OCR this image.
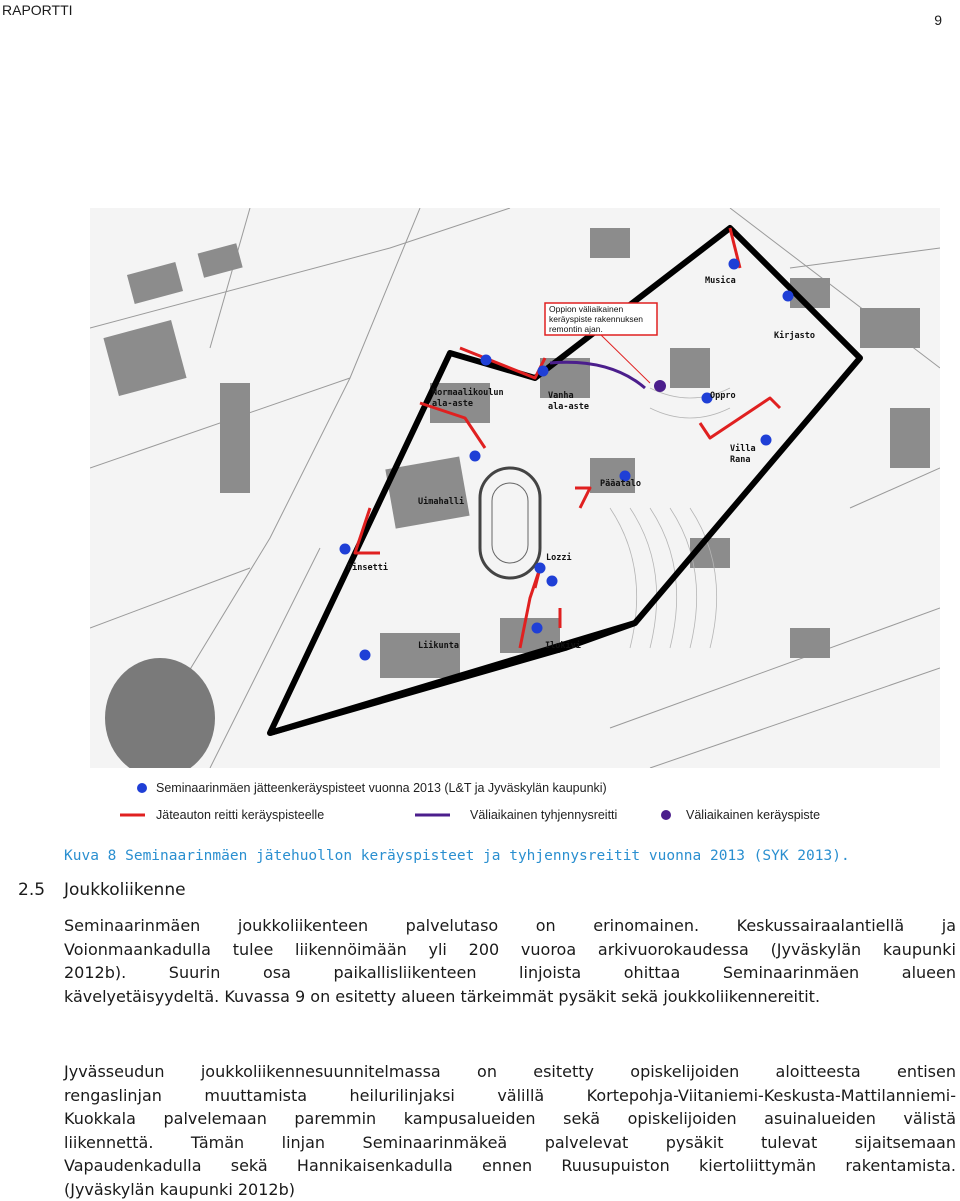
RAPORTTI
9
Musica
Kirjasto
Normaalikoulun
ala-aste
Vanha
ala-aste
Oppro
Villa
Rana
Pääatalo
Uimahalli
Pinsetti
Lozzi
Liikunta	Ilokivi
Oppion väliaikainen
keräyspiste rakennuksen
remontin ajan.
Seminaarinmäen jätteenkeräyspisteet vuonna 2013 (L&T ja Jyväskylän kaupunki)
Jäteauton reitti keräyspisteelle	Väliaikainen tyhjennysreitti	Väliaikainen keräyspiste
Kuva 8 Seminaarinmäen jätehuollon keräyspisteet ja tyhjennysreitit vuonna 2013 (SYK 2013).
2.5 Joukkoliikenne
Seminaarinmäen joukkoliikenteen palvelutaso on erinomainen. Keskussairaalantiellä ja
Voionmaankadulla tulee liikennöimään yli 200 vuoroa arkivuorokaudessa (Jyväskylän kaupunki
2012b). Suurin osa paikallisliikenteen linjoista ohittaa Seminaarinmäen alueen
kävelyetäisyydeltä. Kuvassa 9 on esitetty alueen tärkeimmät pysäkit sekä joukkoliikennereitit.
Jyväs​seudun joukkoliikennesuunnitelmassa on esitetty opiskelijoiden aloitteesta entisen
rengaslinjan muuttamista heilurilinjaksi välillä Kortepohja-Viitaniemi-Keskusta-Mattilanniemi-
Kuokkala palvelemaan paremmin kampusalueiden sekä opiskelijoiden asuinalueiden välistä
liikennettä. Tämän linjan Seminaarinmäkeä palvelevat pysäkit tulevat sijaitsemaan
Vapaudenkadulla sekä Hannikaisenkadulla ennen Ruusupuiston kiertoliittymän rakentamista.
(Jyväskylän kaupunki 2012b)
